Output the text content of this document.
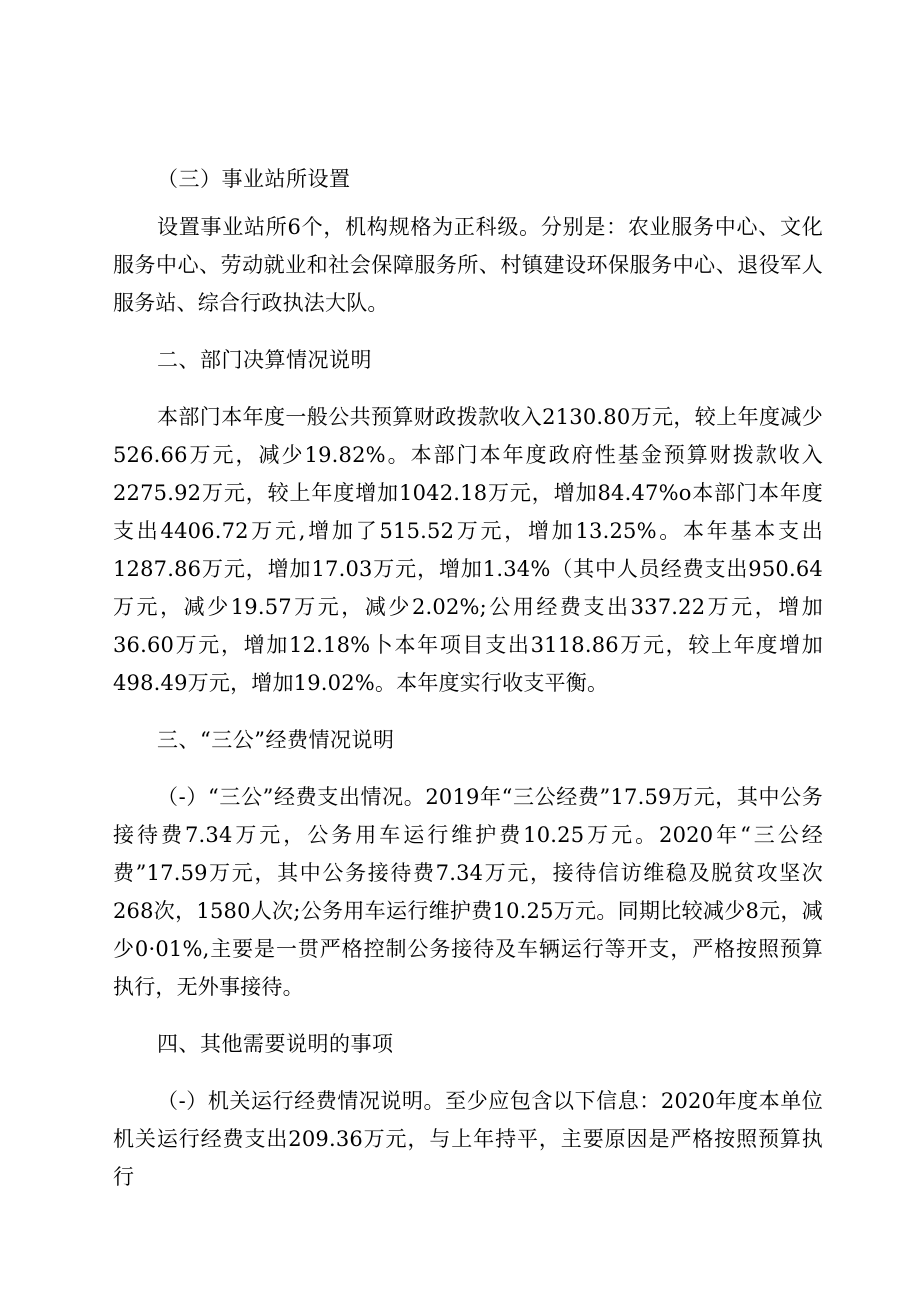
（三）事业站所设置

设置事业站所6个，机构规格为正科级。分别是：农业服务中心、文化服务中心、劳动就业和社会保障服务所、村镇建设环保服务中心、退役军人服务站、综合行政执法大队。

二、部门决算情况说明

本部门本年度一般公共预算财政拨款收入2130.80万元，较上年度减少526.66万元，减少19.82%。本部门本年度政府性基金预算财拨款收入2275.92万元，较上年度增加1042.18万元，增加84.47%o本部门本年度支出4406.72万元,增加了515.52万元，增加13.25%。本年基本支出1287.86万元，增加17.03万元，增加1.34%（其中人员经费支出950.64万元，减少19.57万元，减少2.02%;公用经费支出337.22万元，增加36.60万元，增加12.18%卜本年项目支出3118.86万元，较上年度增加498.49万元，增加19.02%。本年度实行收支平衡。

三、“三公”经费情况说明

（-）“三公”经费支出情况。2019年“三公经费”17.59万元，其中公务接待费7.34万元，公务用车运行维护费10.25万元。2020年“三公经费”17.59万元，其中公务接待费7.34万元，接待信访维稳及脱贫攻坚次268次，1580人次;公务用车运行维护费10.25万元。同期比较减少8元，减少0·01%,主要是一贯严格控制公务接待及车辆运行等开支，严格按照预算执行，无外事接待。

四、其他需要说明的事项

（-）机关运行经费情况说明。至少应包含以下信息：2020年度本单位机关运行经费支出209.36万元，与上年持平，主要原因是严格按照预算执行
